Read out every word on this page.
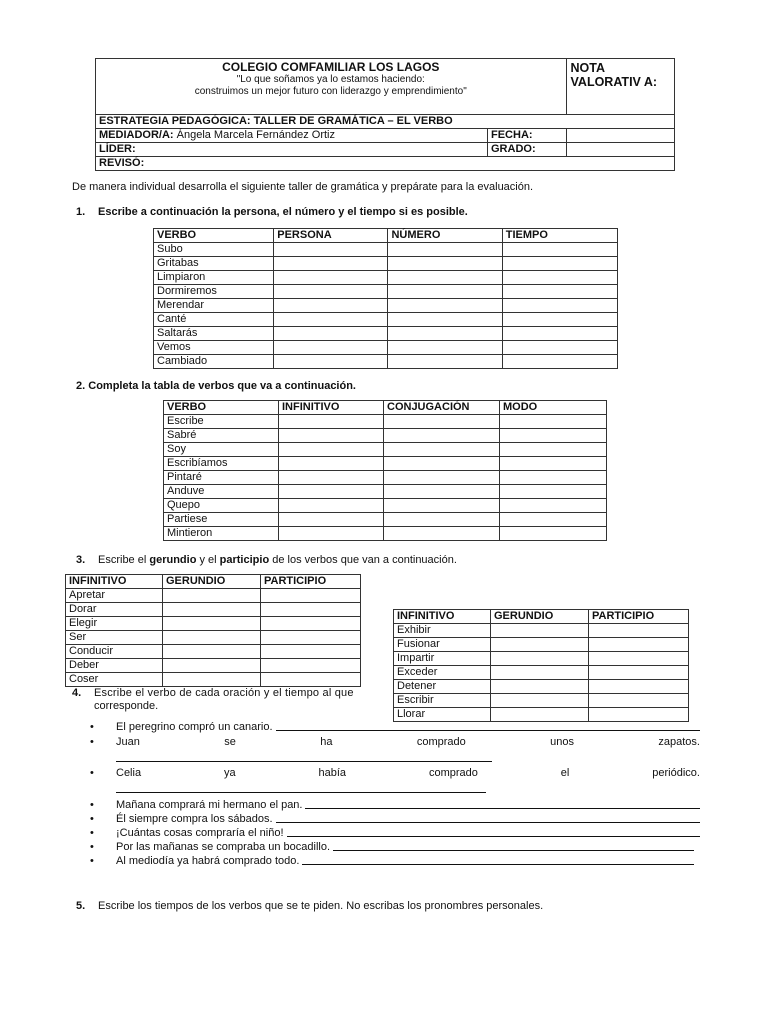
COLEGIO COMFAMILIAR LOS LAGOS
"Lo que soñamos ya lo estamos haciendo:
construimos un mejor futuro con liderazgo y emprendimiento"	NOTA VALORATIV A:
ESTRATEGIA PEDAGÓGICA: TALLER DE GRAMÁTICA – EL VERBO	

MEDIADOR/A: Ángela Marcela Fernández Ortiz FECHA:	

LÍDER: GRADO:	

REVISÓ:	
De manera individual desarrolla el siguiente taller de gramática y prepárate para la evaluación.
1. Escribe a continuación la persona, el número y el tiempo si es posible.
VERBO	PERSONA	NÚMERO	TIEMPO
Subo			
Gritabas			
Limpiaron			
Dormiremos			
Merendar			
Canté			
Saltarás			
Vemos			
Cambiado			
2. Completa la tabla de verbos que va a continuación.
VERBO	INFINITIVO	CONJUGACIÓN	MODO
Escribe			
Sabré			
Soy			
Escribíamos			
Pintaré			
Anduve			
Quepo			
Partiese			
Mintieron			
3. Escribe el gerundio y el participio de los verbos que van a continuación.
INFINITIVO	GERUNDIO	PARTICIPIO
Apretar		
Dorar		
Elegir		
Ser		
Conducir		
Deber		
Coser		
INFINITIVO	GERUNDIO	PARTICIPIO
Exhibir		
Fusionar		
Impartir		
Exceder		
Detener		
Escribir		
Llorar		
4. Escribe el verbo de cada oración y el tiempo al que
corresponde.
• El peregrino compró un canario.
• Juan	se	ha	comprado	unos	zapatos.
• Celia	ya	había	comprado	el	periódico.
• Mañana comprará mi hermano el pan.
• Él siempre compra los sábados.
• ¡Cuántas cosas compraría el niño!
• Por las mañanas se compraba un bocadillo.
• Al mediodía ya habrá comprado todo.
5. Escribe los tiempos de los verbos que se te piden. No escribas los pronombres personales.
